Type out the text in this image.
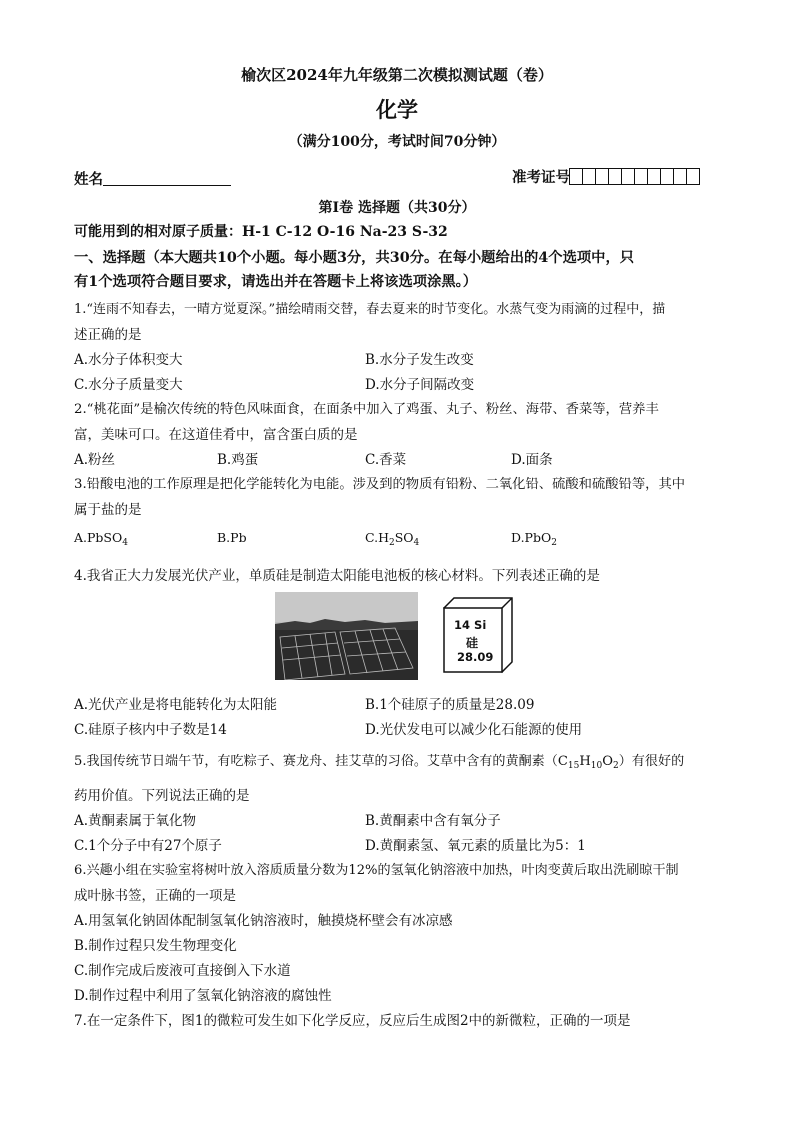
榆次区2024年九年级第二次模拟测试题（卷）
化学
（满分100分，考试时间70分钟）
姓名	准考证号
第Ⅰ卷 选择题（共30分）
可能用到的相对原子质量：H-1 C-12 O-16 Na-23 S-32
一、选择题（本大题共10个小题。每小题3分，共30分。在每小题给出的4个选项中，只
有1个选项符合题目要求，请选出并在答题卡上将该选项涂黑。）
1.“连雨不知春去，一晴方觉夏深。”描绘晴雨交替，春去夏来的时节变化。水蒸气变为雨滴的过程中，描
述正确的是
A.水分子体积变大	B.水分子发生改变
C.水分子质量变大	D.水分子间隔改变
2.“桃花面”是榆次传统的特色风味面食，在面条中加入了鸡蛋、丸子、粉丝、海带、香菜等，营养丰
富，美味可口。在这道佳肴中，富含蛋白质的是
A.粉丝	B.鸡蛋	C.香菜	D.面条
3.铅酸电池的工作原理是把化学能转化为电能。涉及到的物质有铅粉、二氧化铅、硫酸和硫酸铅等，其中
属于盐的是
A.PbSO$_4$	B.Pb	$C.H_2SO_4$	D.PbO$_2$
4.我省正大力发展光伏产业，单质硅是制造太阳能电池板的核心材料。下列表述正确的是
14 Si
硅
28.09
A.光伏产业是将电能转化为太阳能	B.1个硅原子的质量是28.09
C.硅原子核内中子数是14	D.光伏发电可以减少化石能源的使用
5.我国传统节日端午节，有吃粽子、赛龙舟、挂艾草的习俗。艾草中含有的黄酮素$(C_{15}H_{10}O_2)$有很好的
药用价值。下列说法正确的是
A.黄酮素属于氧化物	B.黄酮素中含有氧分子
C.1个分子中有27个原子	D.黄酮素氢、氧元素的质量比为5：1
6.兴趣小组在实验室将树叶放入溶质质量分数为12%的氢氧化钠溶液中加热，叶肉变黄后取出洗刷晾干制
成叶脉书签，正确的一项是
A.用氢氧化钠固体配制氢氧化钠溶液时，触摸烧杯壁会有冰凉感
B.制作过程只发生物理变化
C.制作完成后废液可直接倒入下水道
D.制作过程中利用了氢氧化钠溶液的腐蚀性
7.在一定条件下，图1的微粒可发生如下化学反应，反应后生成图2中的新微粒，正确的一项是
